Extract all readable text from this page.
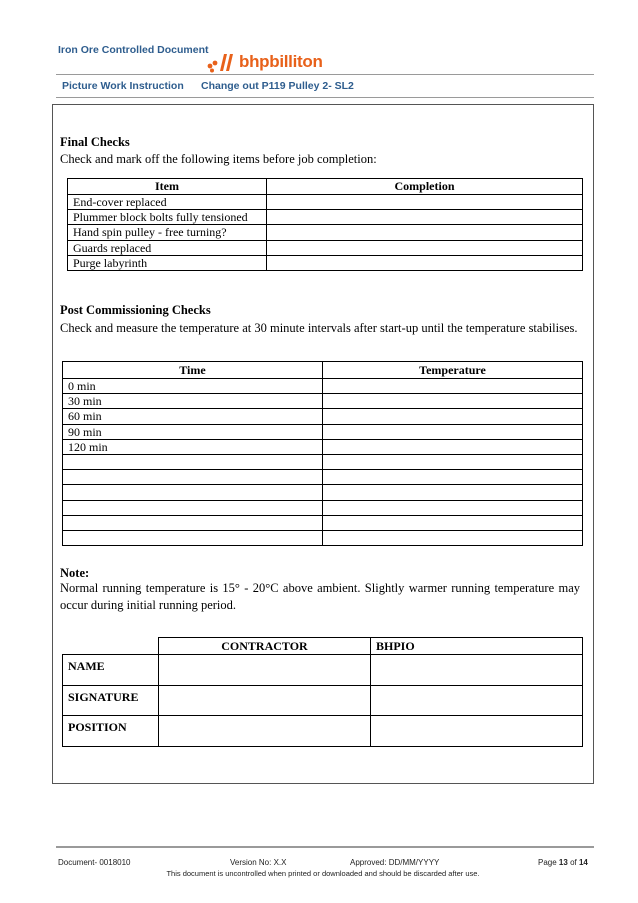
Iron Ore Controlled Document
bhpbilliton
Picture Work Instruction Change out P119 Pulley 2- SL2
Final Checks
Check and mark off the following items before job completion:
Item	Completion
End-cover replaced	
Plummer block bolts fully tensioned	
Hand spin pulley - free turning?	
Guards replaced	
Purge labyrinth	
Post Commissioning Checks
Check and measure the temperature at 30 minute intervals after start-up until the temperature stabilises.
Time	Temperature
0 min	
30 min	
60 min	
90 min	
120 min	

Note:
Normal running temperature is 15° - 20°C above ambient. Slightly warmer running temperature may occur during initial running period.
	CONTRACTOR	BHPIO
NAME		
SIGNATURE		
POSITION		
Document- 0018010	Version No: X.X	Approved: DD/MM/YYYY	Page 13 of 14
This document is uncontrolled when printed or downloaded and should be discarded after use.
